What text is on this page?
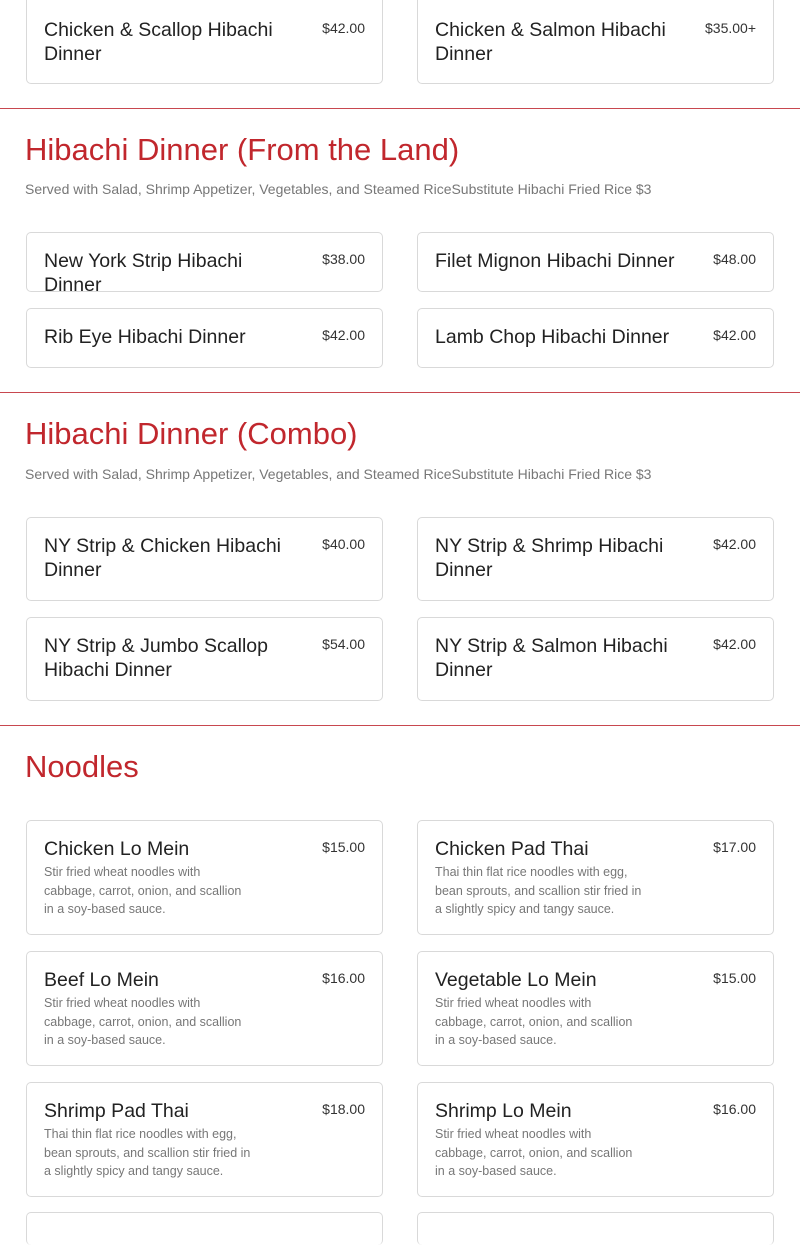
Chicken & Scallop Hibachi Dinner
$42.00	Chicken & Salmon Hibachi Dinner
$35.00+
Hibachi Dinner (From the Land)

Served with Salad, Shrimp Appetizer, Vegetables, and Steamed RiceSubstitute Hibachi Fried Rice $3

New York Strip Hibachi Dinner
$38.00	Filet Mignon Hibachi Dinner	$48.00
Rib Eye Hibachi Dinner	$42.00	Lamb Chop Hibachi Dinner	$42.00
Hibachi Dinner (Combo)

Served with Salad, Shrimp Appetizer, Vegetables, and Steamed RiceSubstitute Hibachi Fried Rice $3

NY Strip & Chicken Hibachi Dinner
$40.00	NY Strip & Shrimp Hibachi Dinner
$42.00
NY Strip & Jumbo Scallop Hibachi Dinner
$54.00	NY Strip & Salmon Hibachi Dinner
$42.00
Noodles
Chicken Lo Mein	$15.00
Stir fried wheat noodles with cabbage, carrot, onion, and scallion in a soy-based sauce.
Chicken Pad Thai	$17.00
Thai thin flat rice noodles with egg, bean sprouts, and scallion stir fried in a slightly spicy and tangy sauce.
Beef Lo Mein	$16.00
Stir fried wheat noodles with cabbage, carrot, onion, and scallion in a soy-based sauce.
Vegetable Lo Mein	$15.00
Stir fried wheat noodles with cabbage, carrot, onion, and scallion in a soy-based sauce.
Shrimp Pad Thai	$18.00
Thai thin flat rice noodles with egg, bean sprouts, and scallion stir fried in a slightly spicy and tangy sauce.
Shrimp Lo Mein	$16.00
Stir fried wheat noodles with cabbage, carrot, onion, and scallion in a soy-based sauce.
